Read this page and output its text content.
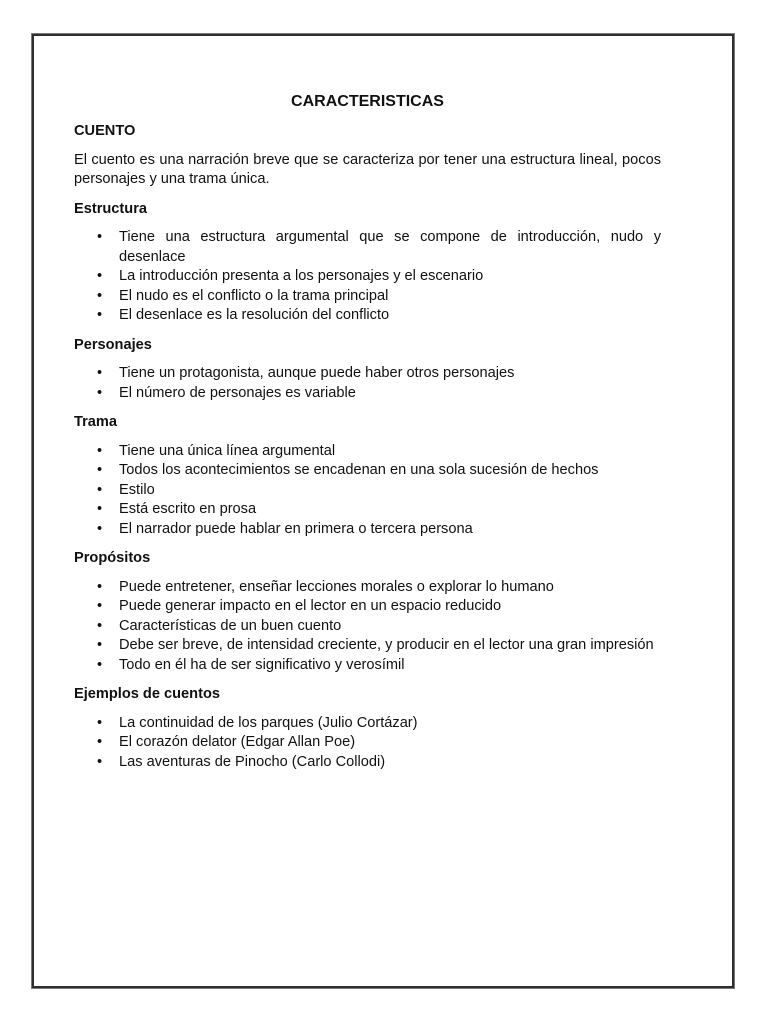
CARACTERISTICAS
CUENTO
El cuento es una narración breve que se caracteriza por tener una estructura lineal, pocos personajes y una trama única.
Estructura
• Tiene una estructura argumental que se compone de introducción, nudo y desenlace
• La introducción presenta a los personajes y el escenario
• El nudo es el conflicto o la trama principal
• El desenlace es la resolución del conflicto
Personajes
• Tiene un protagonista, aunque puede haber otros personajes
• El número de personajes es variable
Trama
• Tiene una única línea argumental
• Todos los acontecimientos se encadenan en una sola sucesión de hechos
• Estilo
• Está escrito en prosa
• El narrador puede hablar en primera o tercera persona
Propósitos
• Puede entretener, enseñar lecciones morales o explorar lo humano
• Puede generar impacto en el lector en un espacio reducido
• Características de un buen cuento
• Debe ser breve, de intensidad creciente, y producir en el lector una gran impresión
• Todo en él ha de ser significativo y verosímil
Ejemplos de cuentos
• La continuidad de los parques (Julio Cortázar)
• El corazón delator (Edgar Allan Poe)
• Las aventuras de Pinocho (Carlo Collodi)
